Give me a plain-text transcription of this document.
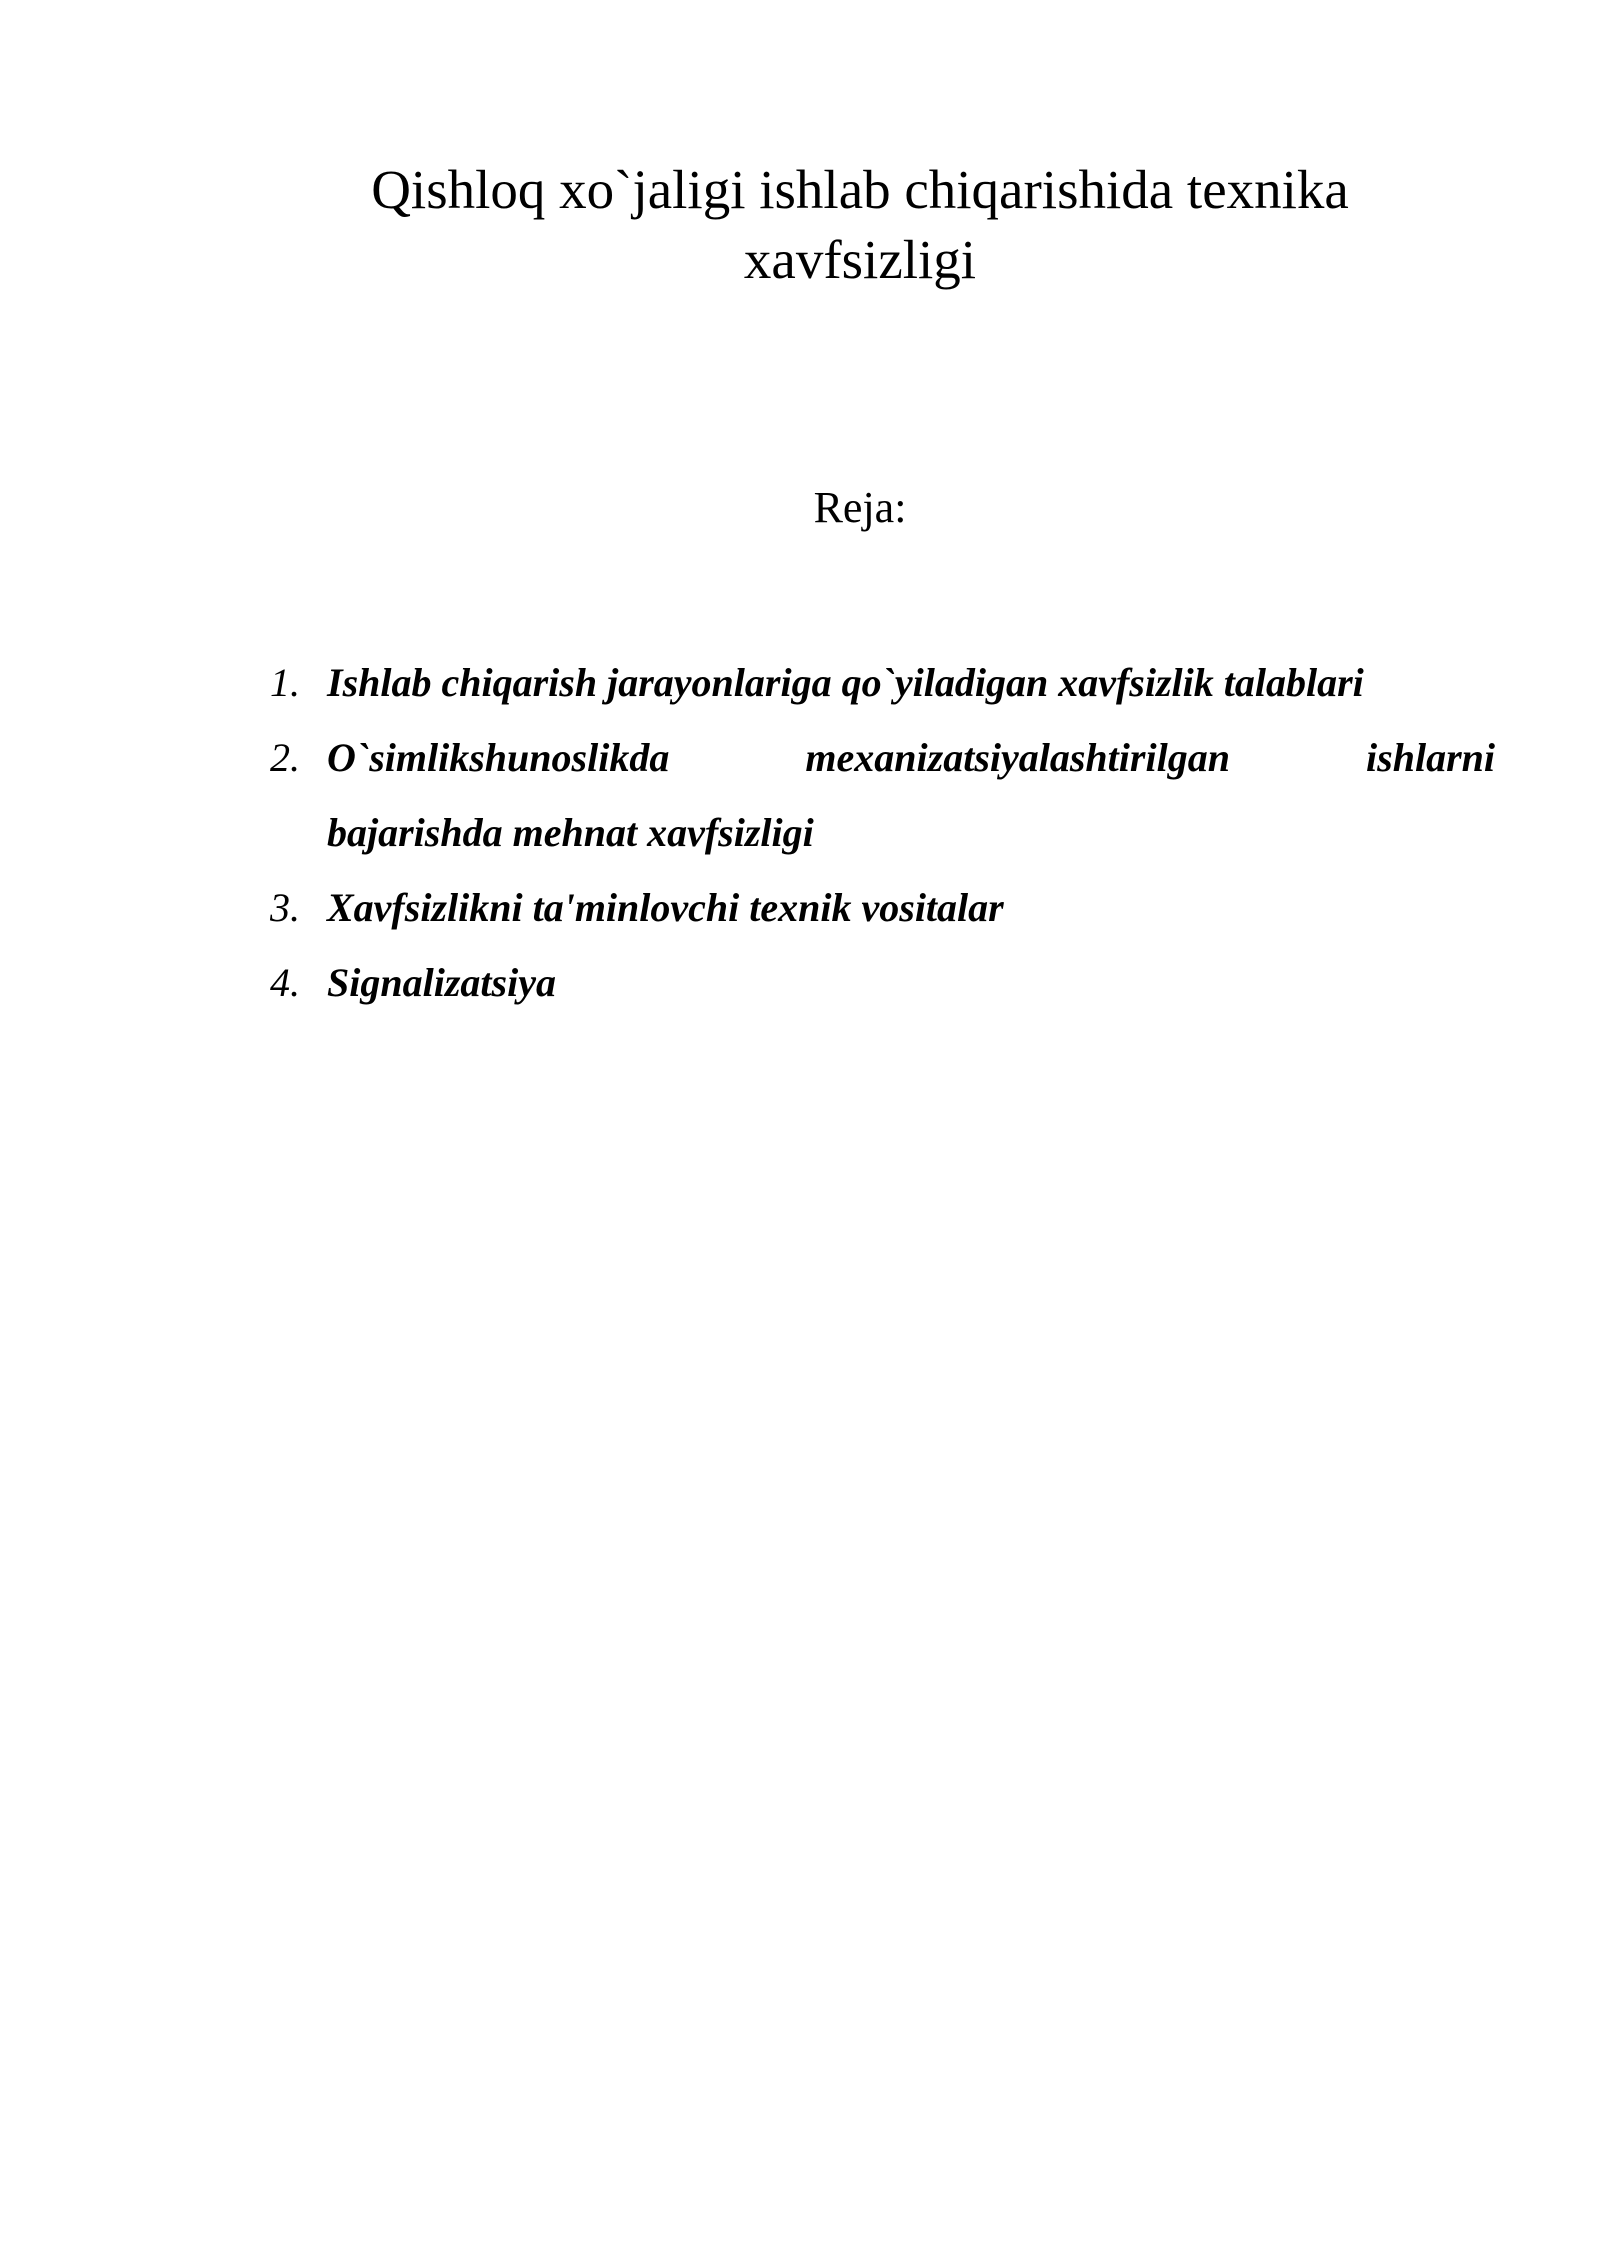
Qishloq xo`jaligi ishlab chiqarishida texnika xavfsizligi
Reja:
1. Ishlab chiqarish jarayonlariga qo`yiladigan xavfsizlik talablari
2. O`simlikshunoslikda mexanizatsiyalashtirilgan ishlarni
bajarishda mehnat xavfsizligi
3. Xavfsizlikni ta'minlovchi texnik vositalar
4. Signalizatsiya
